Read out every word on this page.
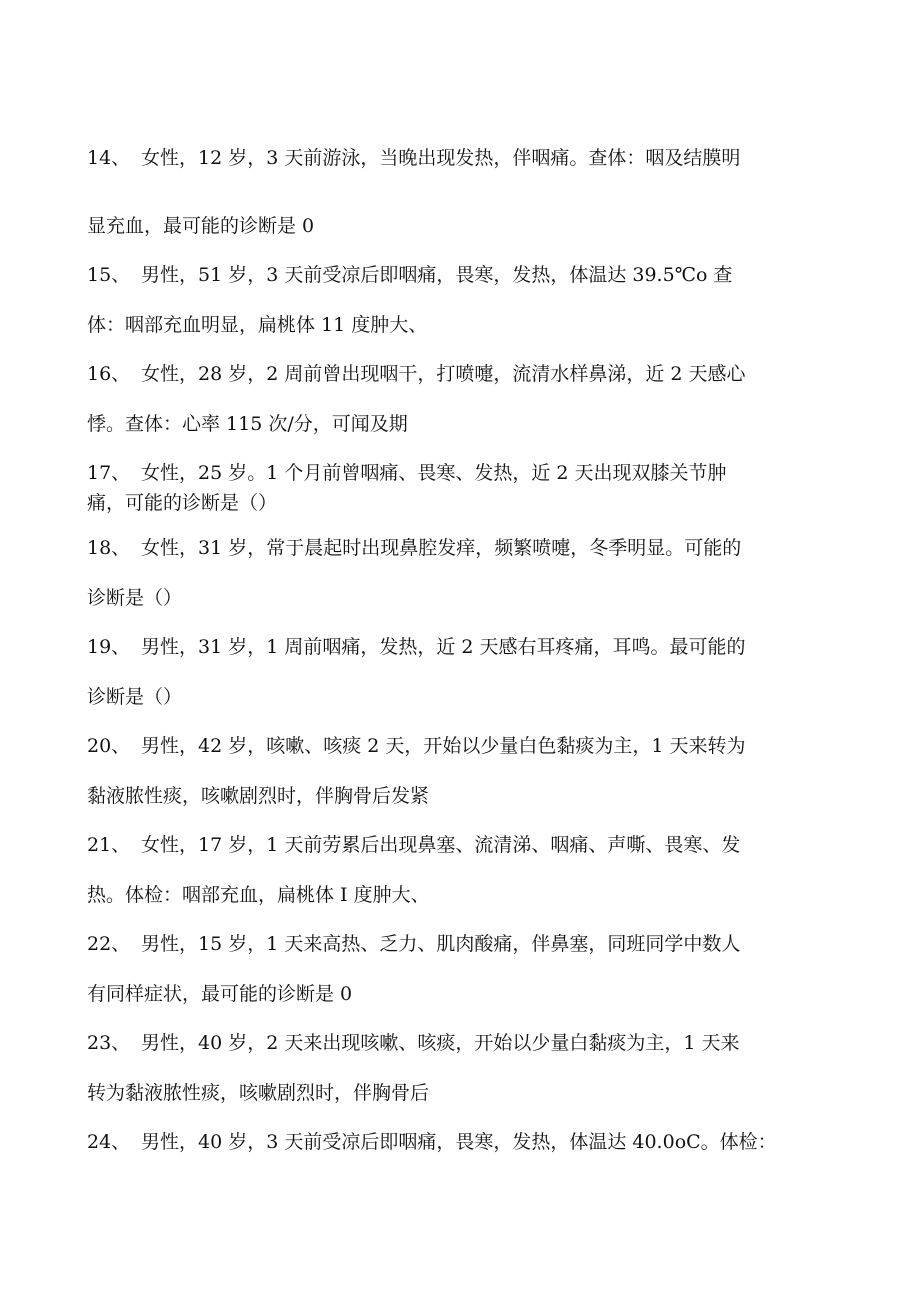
14、 女性，12 岁，3 天前游泳，当晚出现发热，伴咽痛。查体：咽及结膜明
显充血，最可能的诊断是 0
15、 男性，51 岁，3 天前受凉后即咽痛，畏寒，发热，体温达 39.5℃o 查
体：咽部充血明显，扁桃体 11 度肿大、
16、 女性，28 岁，2 周前曾出现咽干，打喷嚏，流清水样鼻涕，近 2 天感心
悸。查体：心率 115 次/分，可闻及期
17、 女性，25 岁。1 个月前曾咽痛、畏寒、发热，近 2 天出现双膝关节肿
痛，可能的诊断是（）
18、 女性，31 岁，常于晨起时出现鼻腔发痒，频繁喷嚏，冬季明显。可能的
诊断是（）
19、 男性，31 岁，1 周前咽痛，发热，近 2 天感右耳疼痛，耳鸣。最可能的
诊断是（）
20、 男性，42 岁，咳嗽、咳痰 2 天，开始以少量白色黏痰为主，1 天来转为
黏液脓性痰，咳嗽剧烈时，伴胸骨后发紧
21、 女性，17 岁，1 天前劳累后出现鼻塞、流清涕、咽痛、声嘶、畏寒、发
热。体检：咽部充血，扁桃体 I 度肿大、
22、 男性，15 岁，1 天来高热、乏力、肌肉酸痛，伴鼻塞，同班同学中数人
有同样症状，最可能的诊断是 0
23、 男性，40 岁，2 天来出现咳嗽、咳痰，开始以少量白黏痰为主，1 天来
转为黏液脓性痰，咳嗽剧烈时，伴胸骨后
24、 男性，40 岁，3 天前受凉后即咽痛，畏寒，发热，体温达 40.0oC。体检：
